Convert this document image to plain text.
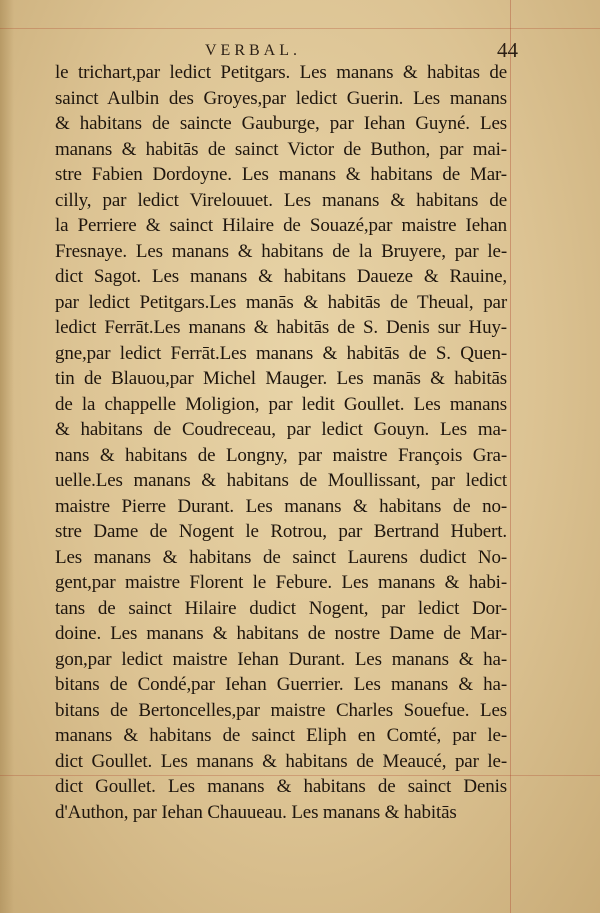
VERBAL.	44
le trichart,par ledict Petitgars. Les manans & habitas de
sainct Aulbin des Groyes,par ledict Guerin. Les manans
& habitans de saincte Gauburge, par Iehan Guyné. Les
manans & habitās de sainct Victor de Buthon, par mai-
stre Fabien Dordoyne. Les manans & habitans de Mar-
cilly, par ledict Virelouuet. Les manans & habitans de
la Perriere & sainct Hilaire de Souazé,par maistre Iehan
Fresnaye. Les manans & habitans de la Bruyere, par le-
dict Sagot. Les manans & habitans Daueze & Rauine,
par ledict Petitgars.Les manās & habitās de Theual, par
ledict Ferrāt.Les manans & habitās de S. Denis sur Huy-
gne,par ledict Ferrāt.Les manans & habitās de S. Quen-
tin de Blauou,par Michel Mauger. Les manās & habitās
de la chappelle Moligion, par ledit Goullet. Les manans
& habitans de Coudreceau, par ledict Gouyn. Les ma-
nans & habitans de Longny, par maistre François Gra-
uelle.Les manans & habitans de Moullissant, par ledict
maistre Pierre Durant. Les manans & habitans de no-
stre Dame de Nogent le Rotrou, par Bertrand Hubert.
Les manans & habitans de sainct Laurens dudict No-
gent,par maistre Florent le Febure. Les manans & habi-
tans de sainct Hilaire dudict Nogent, par ledict Dor-
doine. Les manans & habitans de nostre Dame de Mar-
gon,par ledict maistre Iehan Durant. Les manans & ha-
bitans de Condé,par Iehan Guerrier. Les manans & ha-
bitans de Bertoncelles,par maistre Charles Souefue. Les
manans & habitans de sainct Eliph en Comté, par le-
dict Goullet. Les manans & habitans de Meaucé, par le-
dict Goullet. Les manans & habitans de sainct Denis
d'Authon, par Iehan Chauueau. Les manans & habitās
